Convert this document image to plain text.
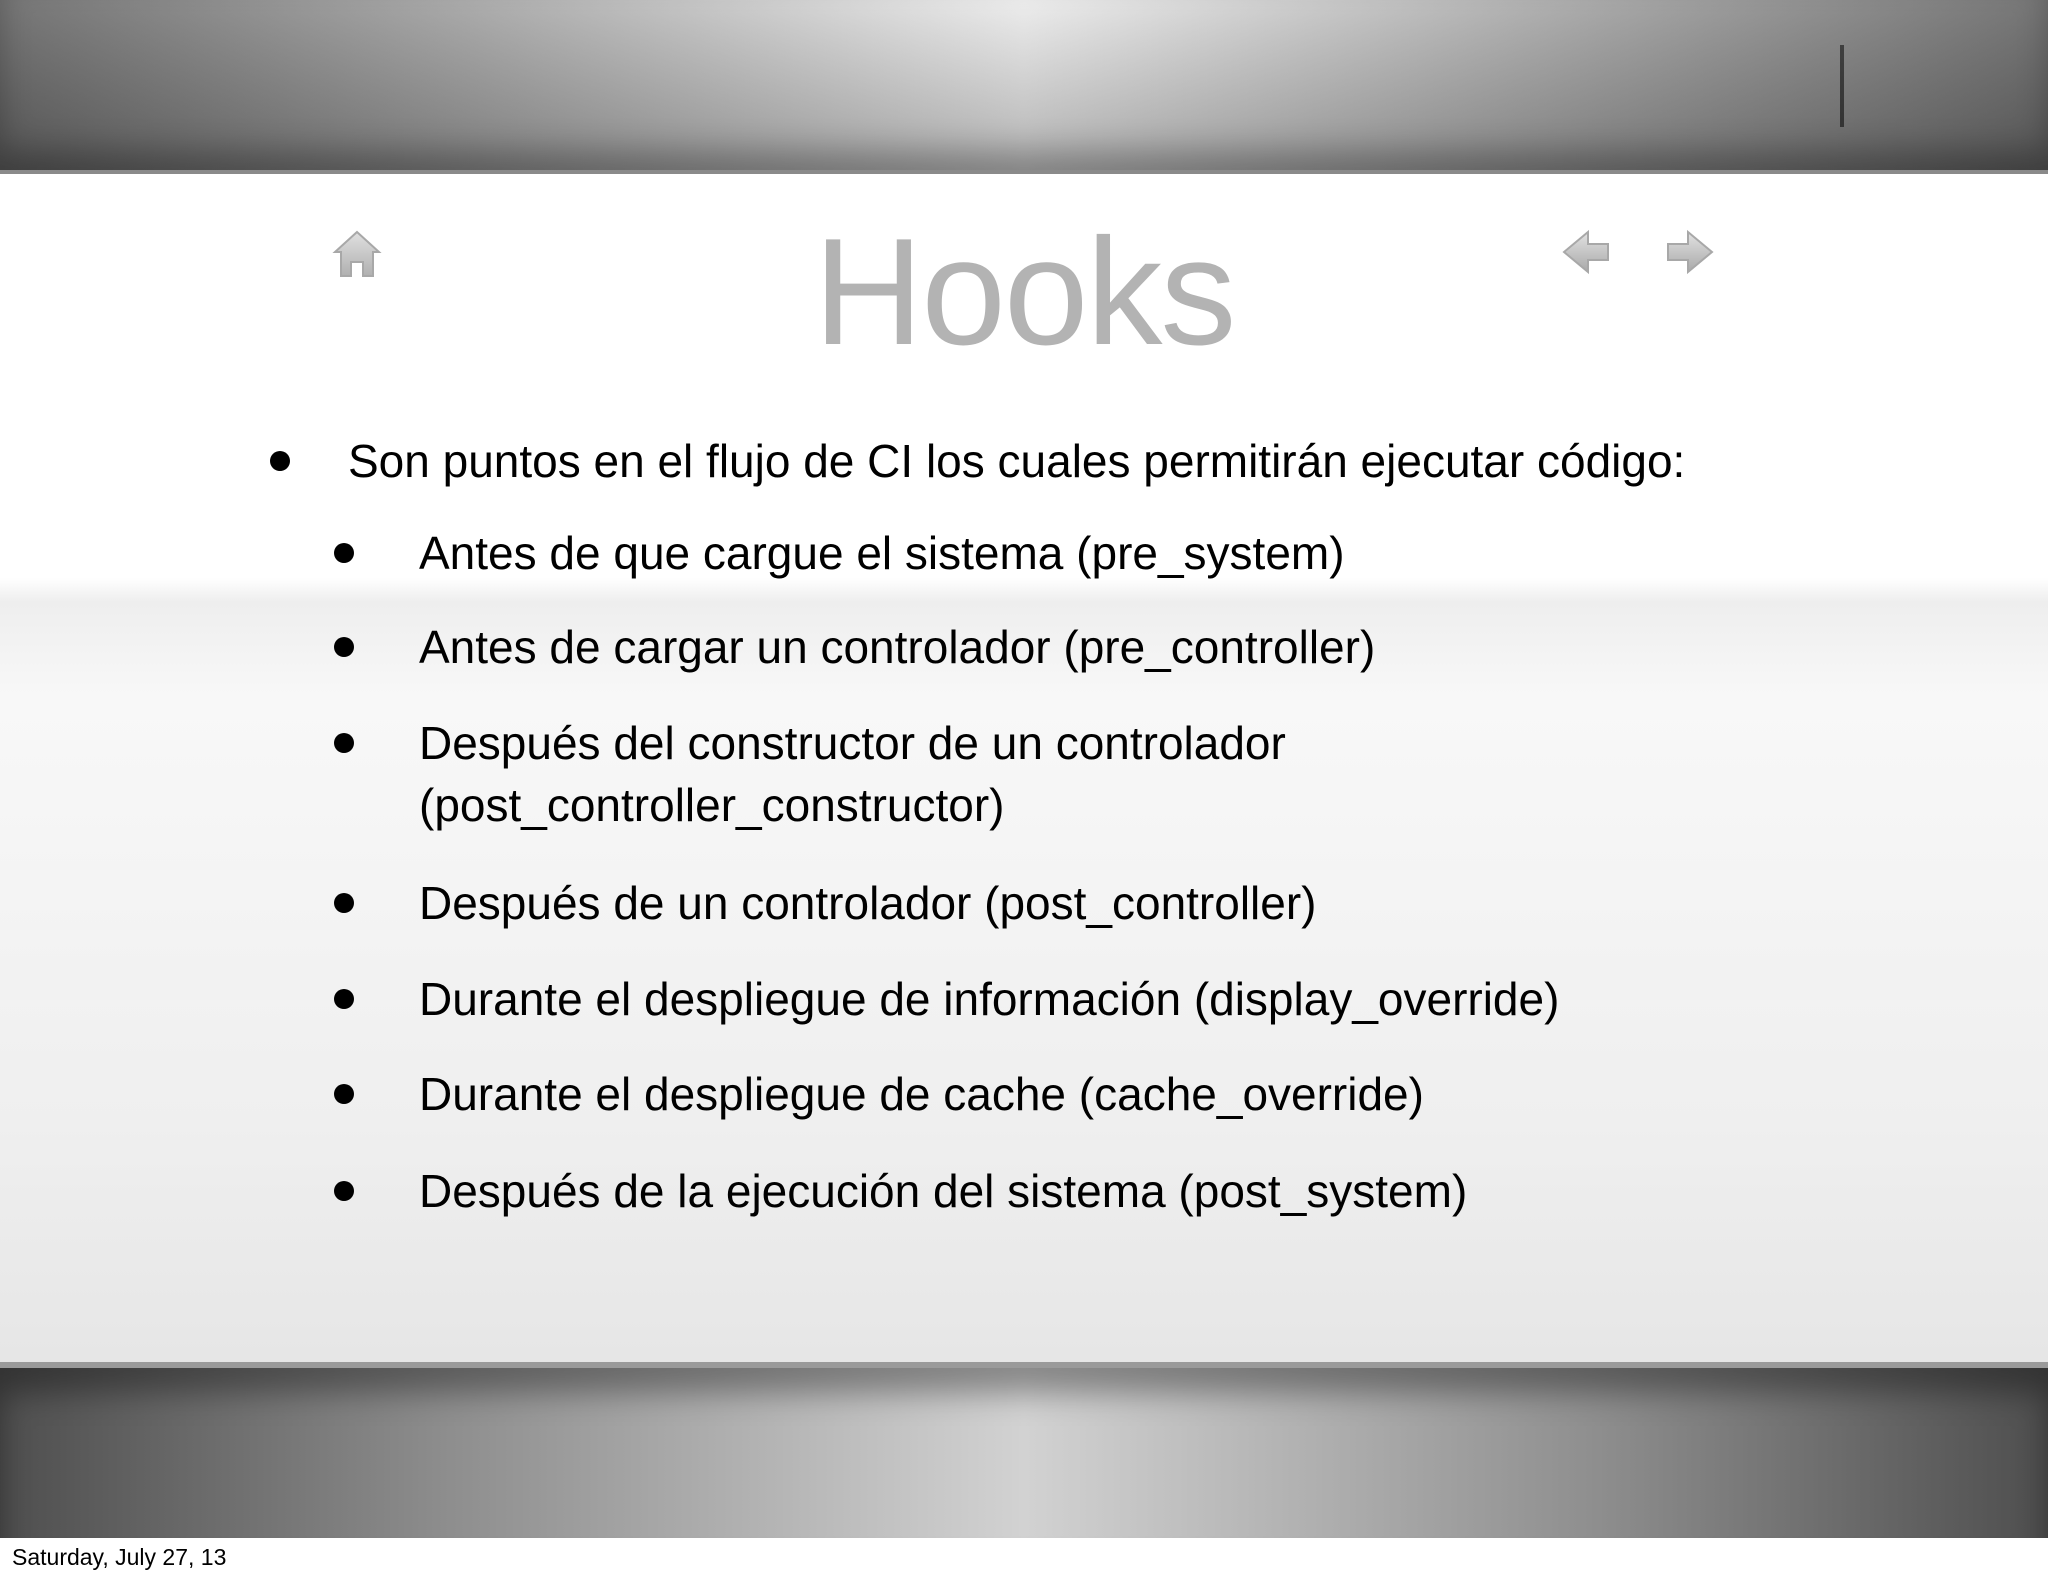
Hooks
Son puntos en el flujo de CI los cuales permitirán ejecutar código:
Antes de que cargue el sistema (pre_system)
Antes de cargar un controlador (pre_controller)
Después del constructor de un controlador
(post_controller_constructor)
Después de un controlador (post_controller)
Durante el despliegue de información (display_override)
Durante el despliegue de cache (cache_override)
Después de la ejecución del sistema (post_system)
Saturday, July 27, 13
